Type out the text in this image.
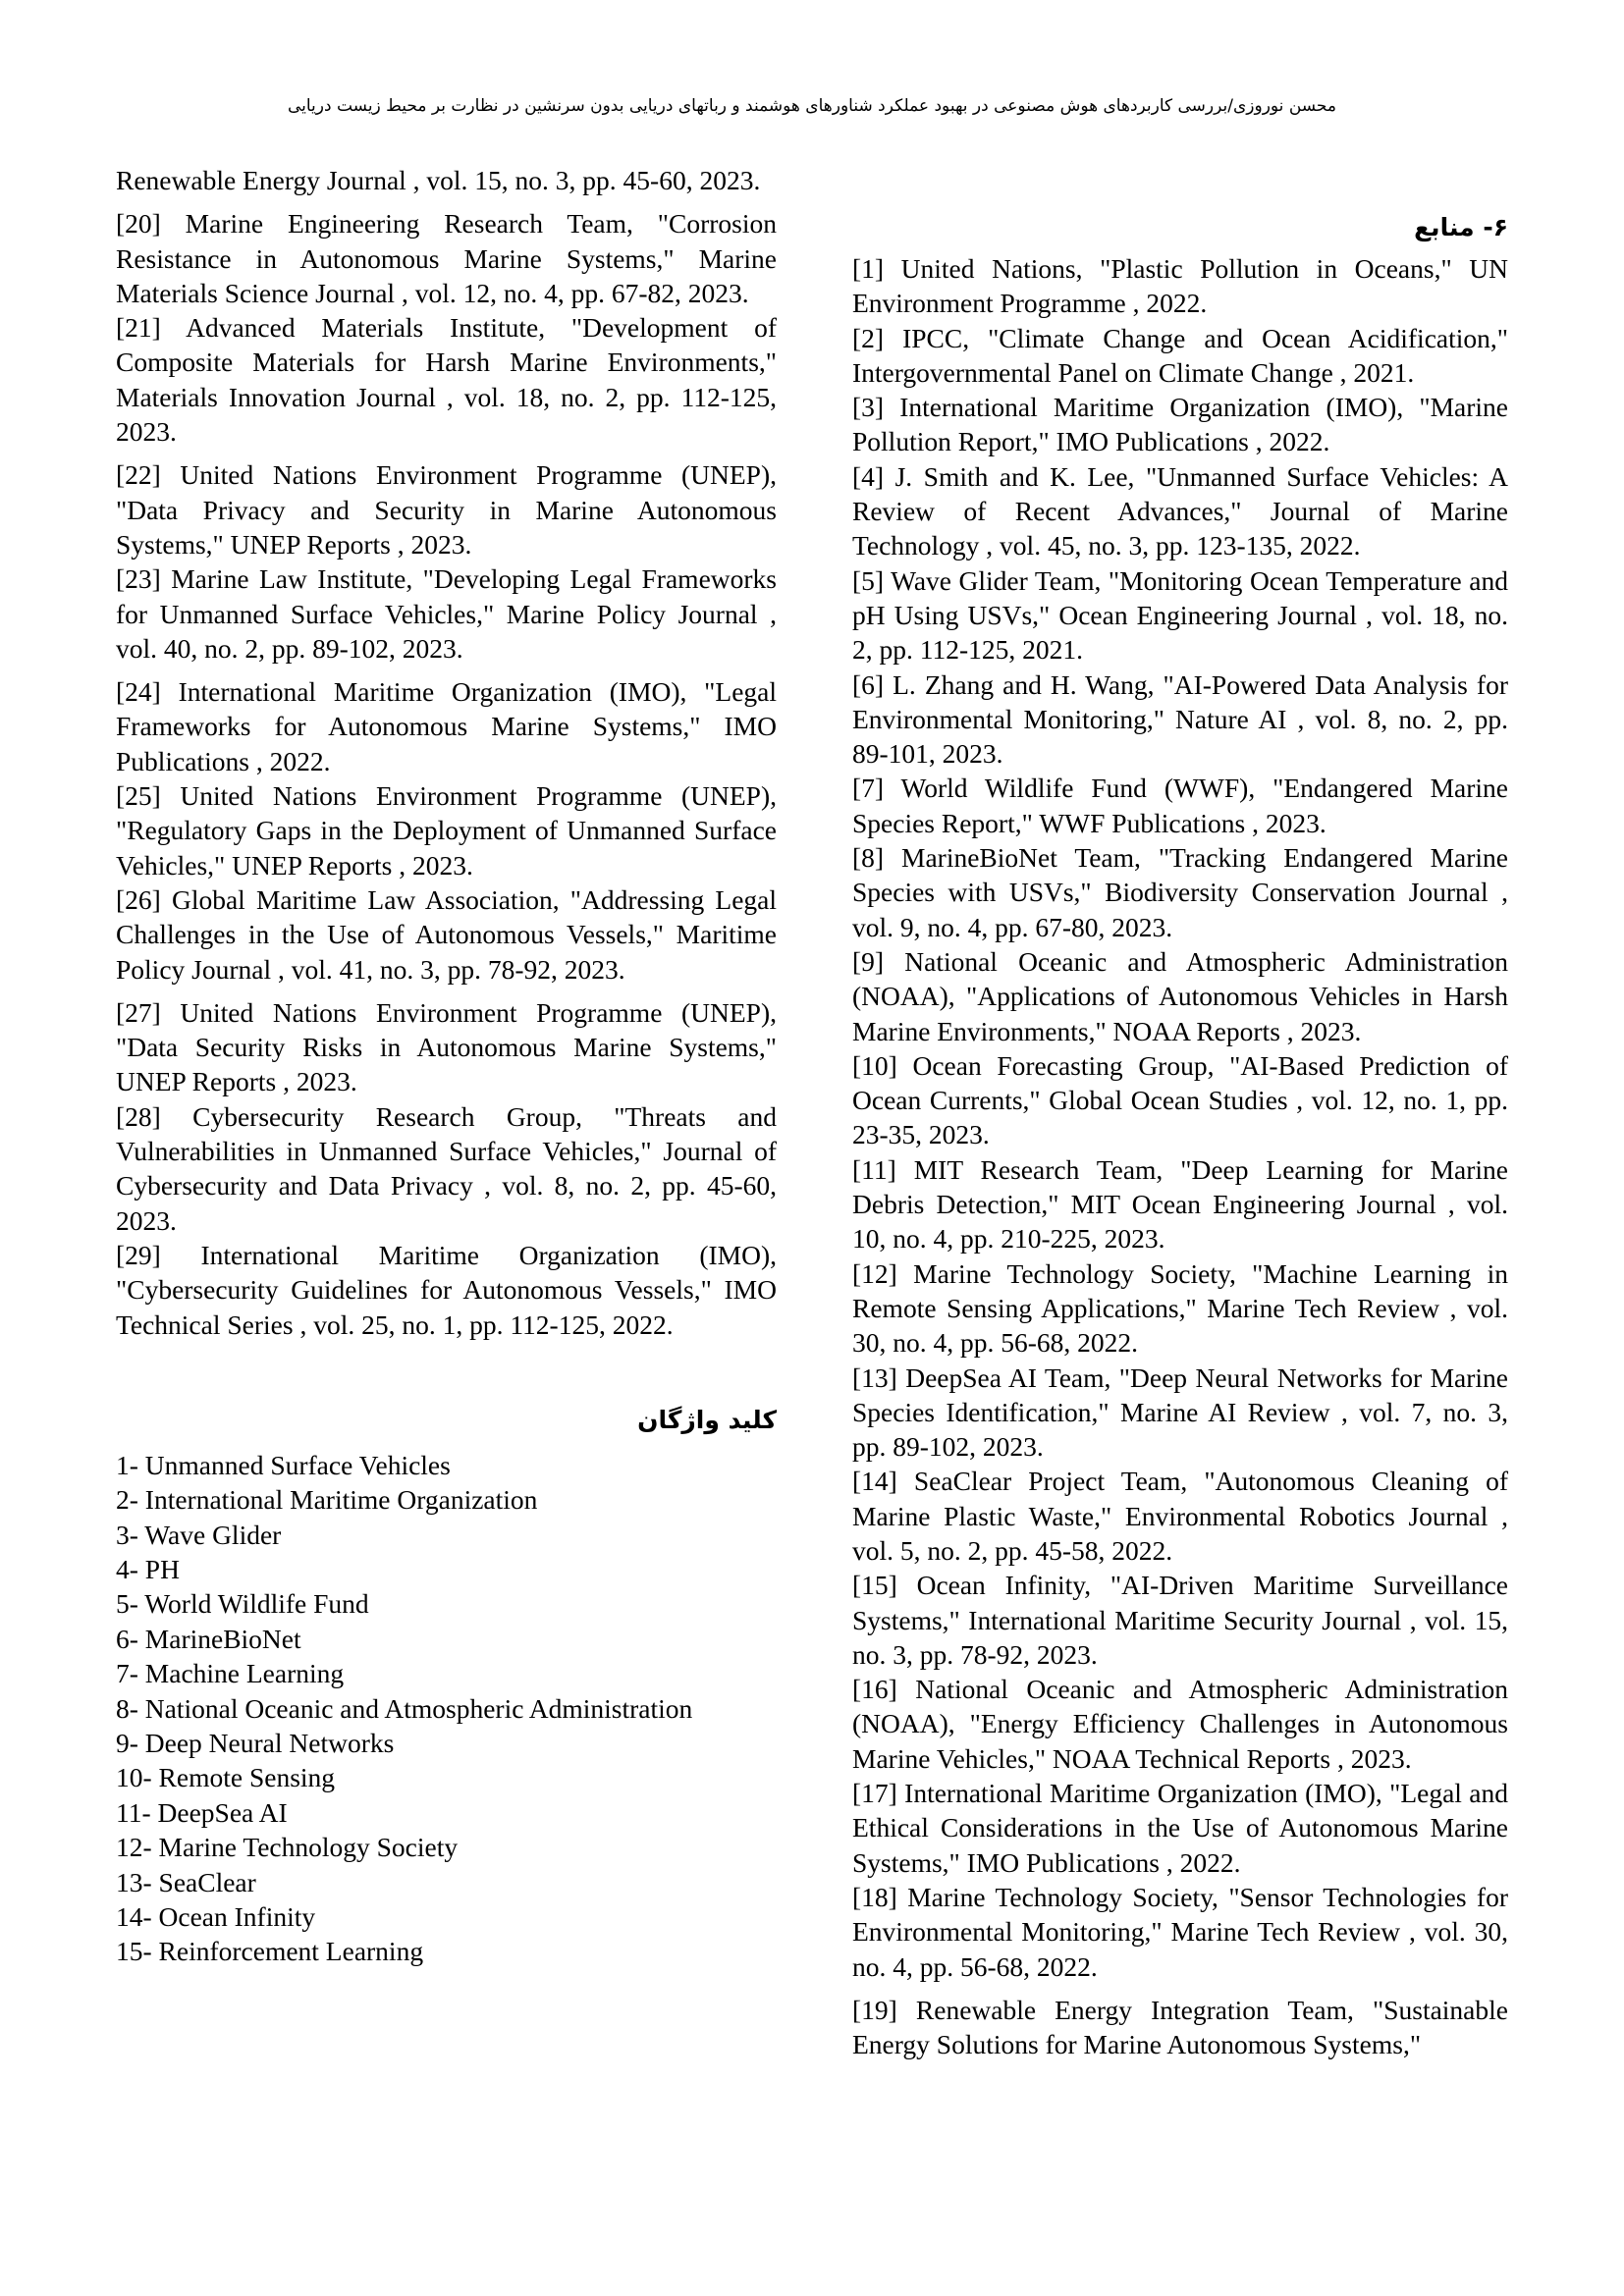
محسن نوروزی/بررسی کاربردهای هوش مصنوعی در بهبود عملکرد شناورهای هوشمند و رباتهای دریایی بدون سرنشین در نظارت بر محیط زیست دریایی

Renewable Energy Journal , vol. 15, no. 3, pp. 45-60, 2023.

[20] Marine Engineering Research Team, "Corrosion Resistance in Autonomous Marine Systems," Marine Materials Science Journal , vol. 12, no. 4, pp. 67-82, 2023.

[21] Advanced Materials Institute, "Development of Composite Materials for Harsh Marine Environments," Materials Innovation Journal , vol. 18, no. 2, pp. 112-125, 2023.

[22] United Nations Environment Programme (UNEP), "Data Privacy and Security in Marine Autonomous Systems," UNEP Reports , 2023.

[23] Marine Law Institute, "Developing Legal Frameworks for Unmanned Surface Vehicles," Marine Policy Journal , vol. 40, no. 2, pp. 89-102, 2023.

[24] International Maritime Organization (IMO), "Legal Frameworks for Autonomous Marine Systems," IMO Publications , 2022.

[25] United Nations Environment Programme (UNEP), "Regulatory Gaps in the Deployment of Unmanned Surface Vehicles," UNEP Reports , 2023.

[26] Global Maritime Law Association, "Addressing Legal Challenges in the Use of Autonomous Vessels," Maritime Policy Journal , vol. 41, no. 3, pp. 78-92, 2023.

[27] United Nations Environment Programme (UNEP), "Data Security Risks in Autonomous Marine Systems," UNEP Reports , 2023.

[28] Cybersecurity Research Group, "Threats and Vulnerabilities in Unmanned Surface Vehicles," Journal of Cybersecurity and Data Privacy , vol. 8, no. 2, pp. 45-60, 2023.

[29] International Maritime Organization (IMO), "Cybersecurity Guidelines for Autonomous Vessels," IMO Technical Series , vol. 25, no. 1, pp. 112-125, 2022.

کلید واژگان
1- Unmanned Surface Vehicles
2- International Maritime Organization
3- Wave Glider
4- PH
5- World Wildlife Fund
6- MarineBioNet
7- Machine Learning
8- National Oceanic and Atmospheric Administration
9- Deep Neural Networks
10- Remote Sensing
11- DeepSea AI
12- Marine Technology Society
13- SeaClear
14- Ocean Infinity
15- Reinforcement Learning
۶- منابع

[1] United Nations, "Plastic Pollution in Oceans," UN Environment Programme , 2022.

[2] IPCC, "Climate Change and Ocean Acidification," Intergovernmental Panel on Climate Change , 2021.

[3] International Maritime Organization (IMO), "Marine Pollution Report," IMO Publications , 2022.

[4] J. Smith and K. Lee, "Unmanned Surface Vehicles: A Review of Recent Advances," Journal of Marine Technology , vol. 45, no. 3, pp. 123-135, 2022.

[5] Wave Glider Team, "Monitoring Ocean Temperature and pH Using USVs," Ocean Engineering Journal , vol. 18, no. 2, pp. 112-125, 2021.

[6] L. Zhang and H. Wang, "AI-Powered Data Analysis for Environmental Monitoring," Nature AI , vol. 8, no. 2, pp. 89-101, 2023.

[7] World Wildlife Fund (WWF), "Endangered Marine Species Report," WWF Publications , 2023.

[8] MarineBioNet Team, "Tracking Endangered Marine Species with USVs," Biodiversity Conservation Journal , vol. 9, no. 4, pp. 67-80, 2023.

[9] National Oceanic and Atmospheric Administration (NOAA), "Applications of Autonomous Vehicles in Harsh Marine Environments," NOAA Reports , 2023.

[10] Ocean Forecasting Group, "AI-Based Prediction of Ocean Currents," Global Ocean Studies , vol. 12, no. 1, pp. 23-35, 2023.

[11] MIT Research Team, "Deep Learning for Marine Debris Detection," MIT Ocean Engineering Journal , vol. 10, no. 4, pp. 210-225, 2023.

[12] Marine Technology Society, "Machine Learning in Remote Sensing Applications," Marine Tech Review , vol. 30, no. 4, pp. 56-68, 2022.

[13] DeepSea AI Team, "Deep Neural Networks for Marine Species Identification," Marine AI Review , vol. 7, no. 3, pp. 89-102, 2023.

[14] SeaClear Project Team, "Autonomous Cleaning of Marine Plastic Waste," Environmental Robotics Journal , vol. 5, no. 2, pp. 45-58, 2022.

[15] Ocean Infinity, "AI-Driven Maritime Surveillance Systems," International Maritime Security Journal , vol. 15, no. 3, pp. 78-92, 2023.

[16] National Oceanic and Atmospheric Administration (NOAA), "Energy Efficiency Challenges in Autonomous Marine Vehicles," NOAA Technical Reports , 2023.

[17] International Maritime Organization (IMO), "Legal and Ethical Considerations in the Use of Autonomous Marine Systems," IMO Publications , 2022.

[18] Marine Technology Society, "Sensor Technologies for Environmental Monitoring," Marine Tech Review , vol. 30, no. 4, pp. 56-68, 2022.

[19] Renewable Energy Integration Team, "Sustainable Energy Solutions for Marine Autonomous Systems,"
